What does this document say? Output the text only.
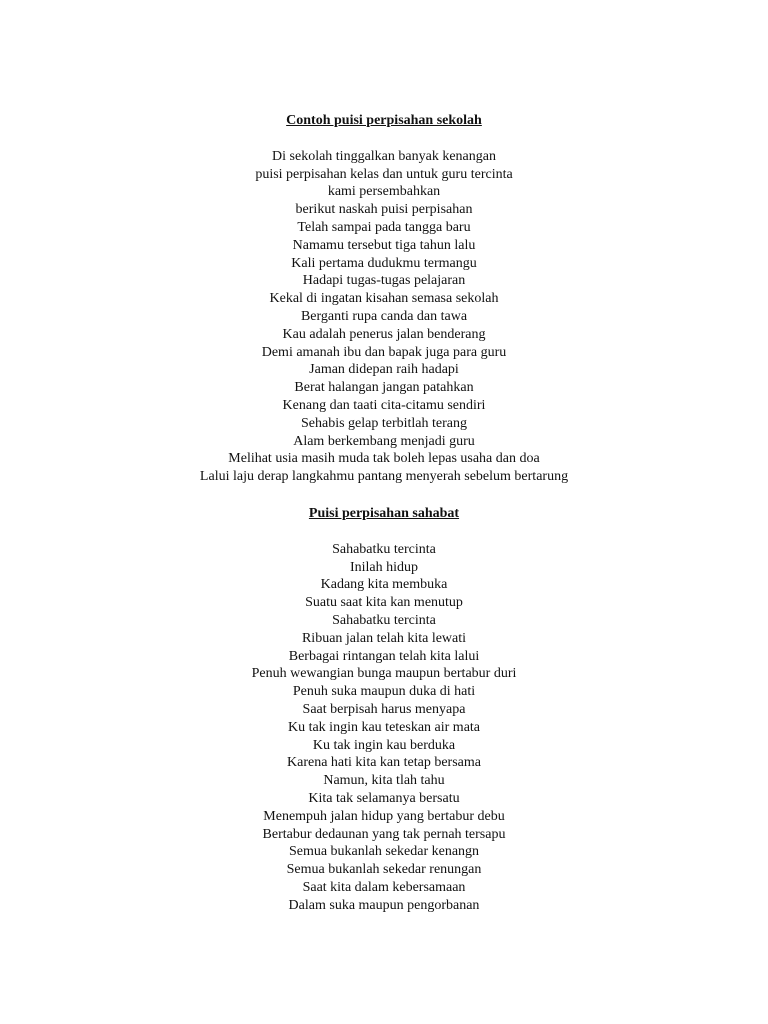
Contoh puisi perpisahan sekolah
Di sekolah tinggalkan banyak kenangan
puisi perpisahan kelas dan untuk guru tercinta
kami persembahkan
berikut naskah puisi perpisahan
Telah sampai pada tangga baru
Namamu tersebut tiga tahun lalu
Kali pertama dudukmu termangu
Hadapi tugas-tugas pelajaran
Kekal di ingatan kisahan semasa sekolah
Berganti rupa canda dan tawa
Kau adalah penerus jalan benderang
Demi amanah ibu dan bapak juga para guru
Jaman didepan raih hadapi
Berat halangan jangan patahkan
Kenang dan taati cita-citamu sendiri
Sehabis gelap terbitlah terang
Alam berkembang menjadi guru
Melihat usia masih muda tak boleh lepas usaha dan doa
Lalui laju derap langkahmu pantang menyerah sebelum bertarung
Puisi perpisahan sahabat
Sahabatku tercinta
Inilah hidup
Kadang kita membuka
Suatu saat kita kan menutup
Sahabatku tercinta
Ribuan jalan telah kita lewati
Berbagai rintangan telah kita lalui
Penuh wewangian bunga maupun bertabur duri
Penuh suka maupun duka di hati
Saat berpisah harus menyapa
Ku tak ingin kau teteskan air mata
Ku tak ingin kau berduka
Karena hati kita kan tetap bersama
Namun, kita tlah tahu
Kita tak selamanya bersatu
Menempuh jalan hidup yang bertabur debu
Bertabur dedaunan yang tak pernah tersapu
Semua bukanlah sekedar kenangn
Semua bukanlah sekedar renungan
Saat kita dalam kebersamaan
Dalam suka maupun pengorbanan
